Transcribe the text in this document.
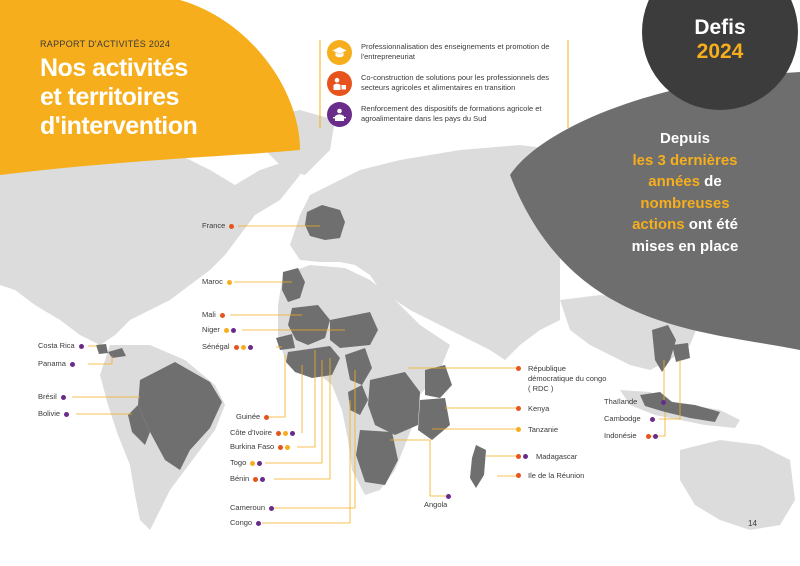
RAPPORT D'ACTIVITÉS 2024
Nos activités
et territoires
d'intervention
Professionnalisation des enseignements et promotion de l'entrepreneuriat
Co-construction de solutions pour les professionnels des secteurs agricoles et alimentaires en transition
Renforcement des dispositifs de formations agricole et agroalimentaire dans les pays du Sud
Defis
2024
Depuis
les 3 dernières
années de
nombreuses
actions ont été
mises en place
France
Maroc
Mali
Niger
Sénégal
Costa Rica
Panama
Brésil
Bolivie	Guinée
Côte d'Ivoire
Burkina Faso
Togo
Bénin
Cameroun
Congo
République démocratique du congo ( RDC )
Kenya
Tanzanie
Madagascar
Ile de la Réunion
Angola
Thaïlande
Cambodge
Indonésie
14
